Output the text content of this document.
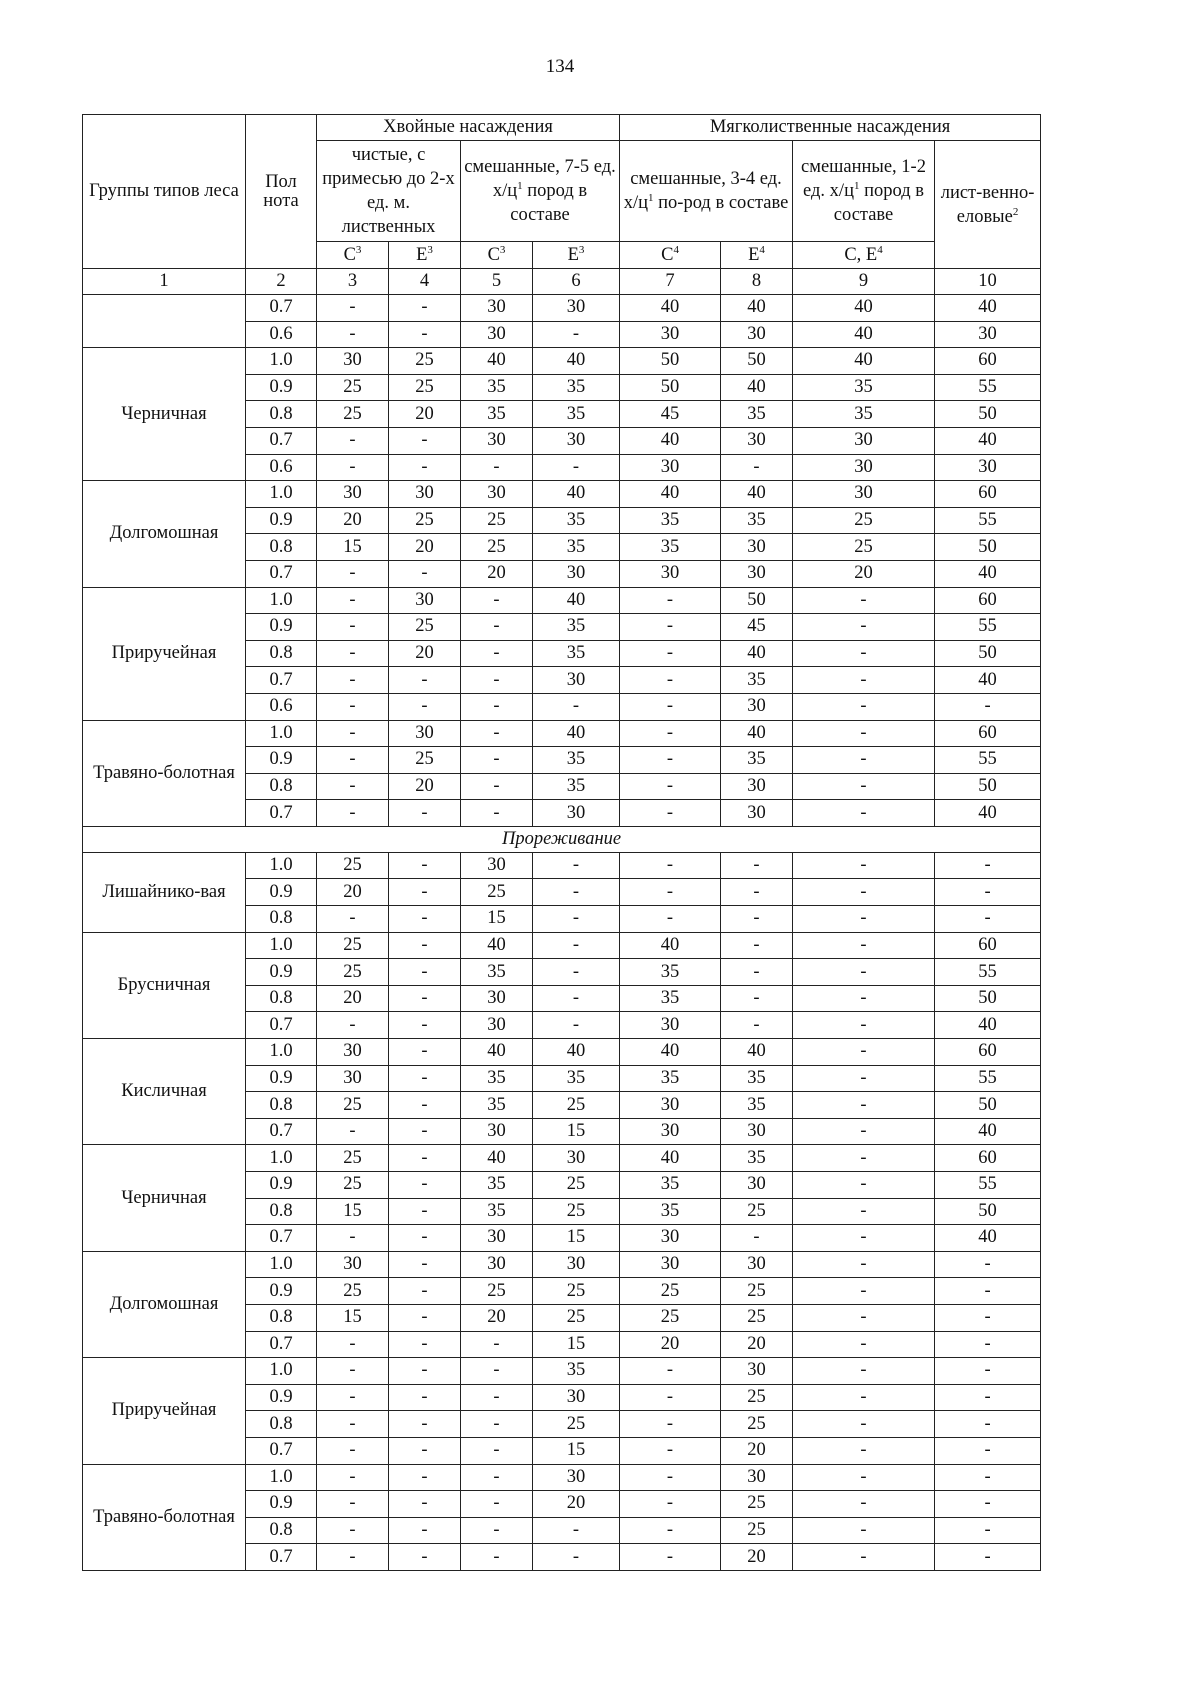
134
Группы типов леса	Пол нота	Хвойные насаждения				Мягколиственные насаждения			
		чистые, с примесью до 2-х ед. м. лиственных		смешанные, 7-5 ед. $х/ц^1$ пород в составе		смешанные, 3-4 ед. $х/ц^1$ по-род в составе		смешанные, 1-2 ед. $х/ц^1$ пород в составе	лист-венно-еловые$^2$
		$С^3$	$Е^3$	$С^3$	$Е^3$	$С^4$	$Е^4$	С, $Е^4$
1	2	3	4	5	6	7	8	9	10
	0.7	-	-	30	30	40	40	40	40
	0.6	-	-	30	-	30	30	40	30
Черничная	1.0	30	25	40	40	50	50	40	60
	0.9	25	25	35	35	50	40	35	55
	0.8	25	20	35	35	45	35	35	50
	0.7	-	-	30	30	40	30	30	40
	0.6	-	-	-	-	30	-	30	30
Долгомошная	1.0	30	30	30	40	40	40	30	60
	0.9	20	25	25	35	35	35	25	55
	0.8	15	20	25	35	35	30	25	50
	0.7	-	-	20	30	30	30	20	40
Приручейная	1.0	-	30	-	40	-	50	-	60
	0.9	-	25	-	35	-	45	-	55
	0.8	-	20	-	35	-	40	-	50
	0.7	-	-	-	30	-	35	-	40
	0.6	-	-	-	-	-	30	-	-
Травяно-болотная	1.0	-	30	-	40	-	40	-	60
	0.9	-	25	-	35	-	35	-	55
	0.8	-	20	-	35	-	30	-	50
	0.7	-	-	-	30	-	30	-	40
Прореживание									
Лишайнико-вая	1.0	25	-	30	-	-	-	-	-
	0.9	20	-	25	-	-	-	-	-
	0.8	-	-	15	-	-	-	-	-
Брусничная	1.0	25	-	40	-	40	-	-	60
	0.9	25	-	35	-	35	-	-	55
	0.8	20	-	30	-	35	-	-	50
	0.7	-	-	30	-	30	-	-	40
Кисличная	1.0	30	-	40	40	40	40	-	60
	0.9	30	-	35	35	35	35	-	55
	0.8	25	-	35	25	30	35	-	50
	0.7	-	-	30	15	30	30	-	40
Черничная	1.0	25	-	40	30	40	35	-	60
	0.9	25	-	35	25	35	30	-	55
	0.8	15	-	35	25	35	25	-	50
	0.7	-	-	30	15	30	-	-	40
Долгомошная	1.0	30	-	30	30	30	30	-	-
	0.9	25	-	25	25	25	25	-	-
	0.8	15	-	20	25	25	25	-	-
	0.7	-	-	-	15	20	20	-	-
Приручейная	1.0	-	-	-	35	-	30	-	-
	0.9	-	-	-	30	-	25	-	-
	0.8	-	-	-	25	-	25	-	-
	0.7	-	-	-	15	-	20	-	-
Травяно-болотная	1.0	-	-	-	30	-	30	-	-
	0.9	-	-	-	20	-	25	-	-
	0.8	-	-	-	-	-	25	-	-
	0.7	-	-	-	-	-	20	-	-
